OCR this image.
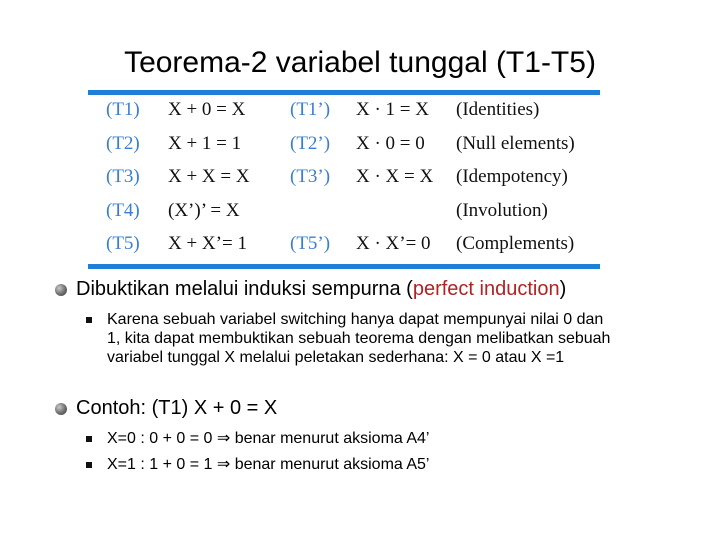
Teorema-2 variabel tunggal (T1-T5)
(T1) X + 0 = X (T1’) X · 1 = X (Identities)
(T2) X + 1 = 1	(T2’) X · 0 = 0 (Null elements)
(T3) X + X = X (T3’) X · X = X (Idempotency)
(T4) (X’)’ = X	(Involution)
(T5) X + X’= 1 (T5’) X · X’= 0 (Complements)
Dibuktikan melalui induksi sempurna (perfect induction)
Karena sebuah variabel switching hanya dapat mempunyai nilai 0 dan
1, kita dapat membuktikan sebuah teorema dengan melibatkan sebuah
variabel tunggal X melalui peletakan sederhana: X = 0 atau X =1
Contoh: (T1) X + 0 = X
X=0 : 0 + 0 = 0 ⇒ benar menurut aksioma A4’
X=1 : 1 + 0 = 1 ⇒ benar menurut aksioma A5’
